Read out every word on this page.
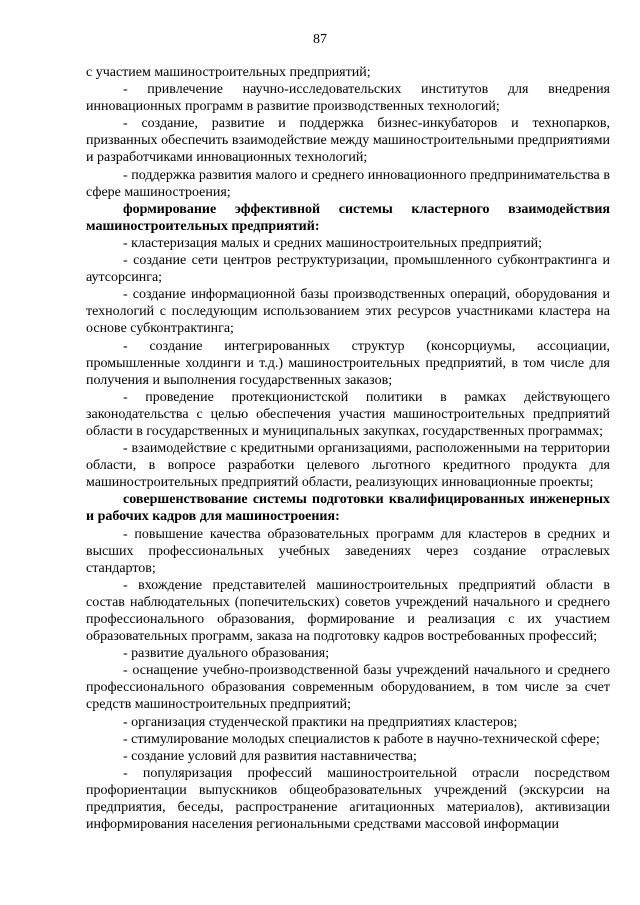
87

с участием машиностроительных предприятий;

- привлечение научно-исследовательских институтов для внедрения инновационных программ в развитие производственных технологий;

- создание, развитие и поддержка бизнес-инкубаторов и технопарков, призванных обеспечить взаимодействие между машиностроительными предприятиями и разработчиками инновационных технологий;

- поддержка развития малого и среднего инновационного предпринимательства в сфере машиностроения;

формирование эффективной системы кластерного взаимодействия машиностроительных предприятий:

- кластеризация малых и средних машиностроительных предприятий;

- создание сети центров реструктуризации, промышленного субконтрактинга и аутсорсинга;

- создание информационной базы производственных операций, оборудования и технологий с последующим использованием этих ресурсов участниками кластера на основе субконтрактинга;

- создание интегрированных структур (консорциумы, ассоциации, промышленные холдинги и т.д.) машиностроительных предприятий, в том числе для получения и выполнения государственных заказов;

- проведение протекционистской политики в рамках действующего законодательства с целью обеспечения участия машиностроительных предприятий области в государственных и муниципальных закупках, государственных программах;

- взаимодействие с кредитными организациями, расположенными на территории области, в вопросе разработки целевого льготного кредитного продукта для машиностроительных предприятий области, реализующих инновационные проекты;

совершенствование системы подготовки квалифицированных инженерных и рабочих кадров для машиностроения:

- повышение качества образовательных программ для кластеров в средних и высших профессиональных учебных заведениях через создание отраслевых стандартов;

- вхождение представителей машиностроительных предприятий области в состав наблюдательных (попечительских) советов учреждений начального и среднего профессионального образования, формирование и реализация с их участием образовательных программ, заказа на подготовку кадров востребованных профессий;

- развитие дуального образования;

- оснащение учебно-производственной базы учреждений начального и среднего профессионального образования современным оборудованием, в том числе за счет средств машиностроительных предприятий;

- организация студенческой практики на предприятиях кластеров;

- стимулирование молодых специалистов к работе в научно-технической сфере;

- создание условий для развития наставничества;

- популяризация профессий машиностроительной отрасли посредством профориентации выпускников общеобразовательных учреждений (экскурсии на предприятия, беседы, распространение агитационных материалов), активизации информирования населения региональными средствами массовой информации
